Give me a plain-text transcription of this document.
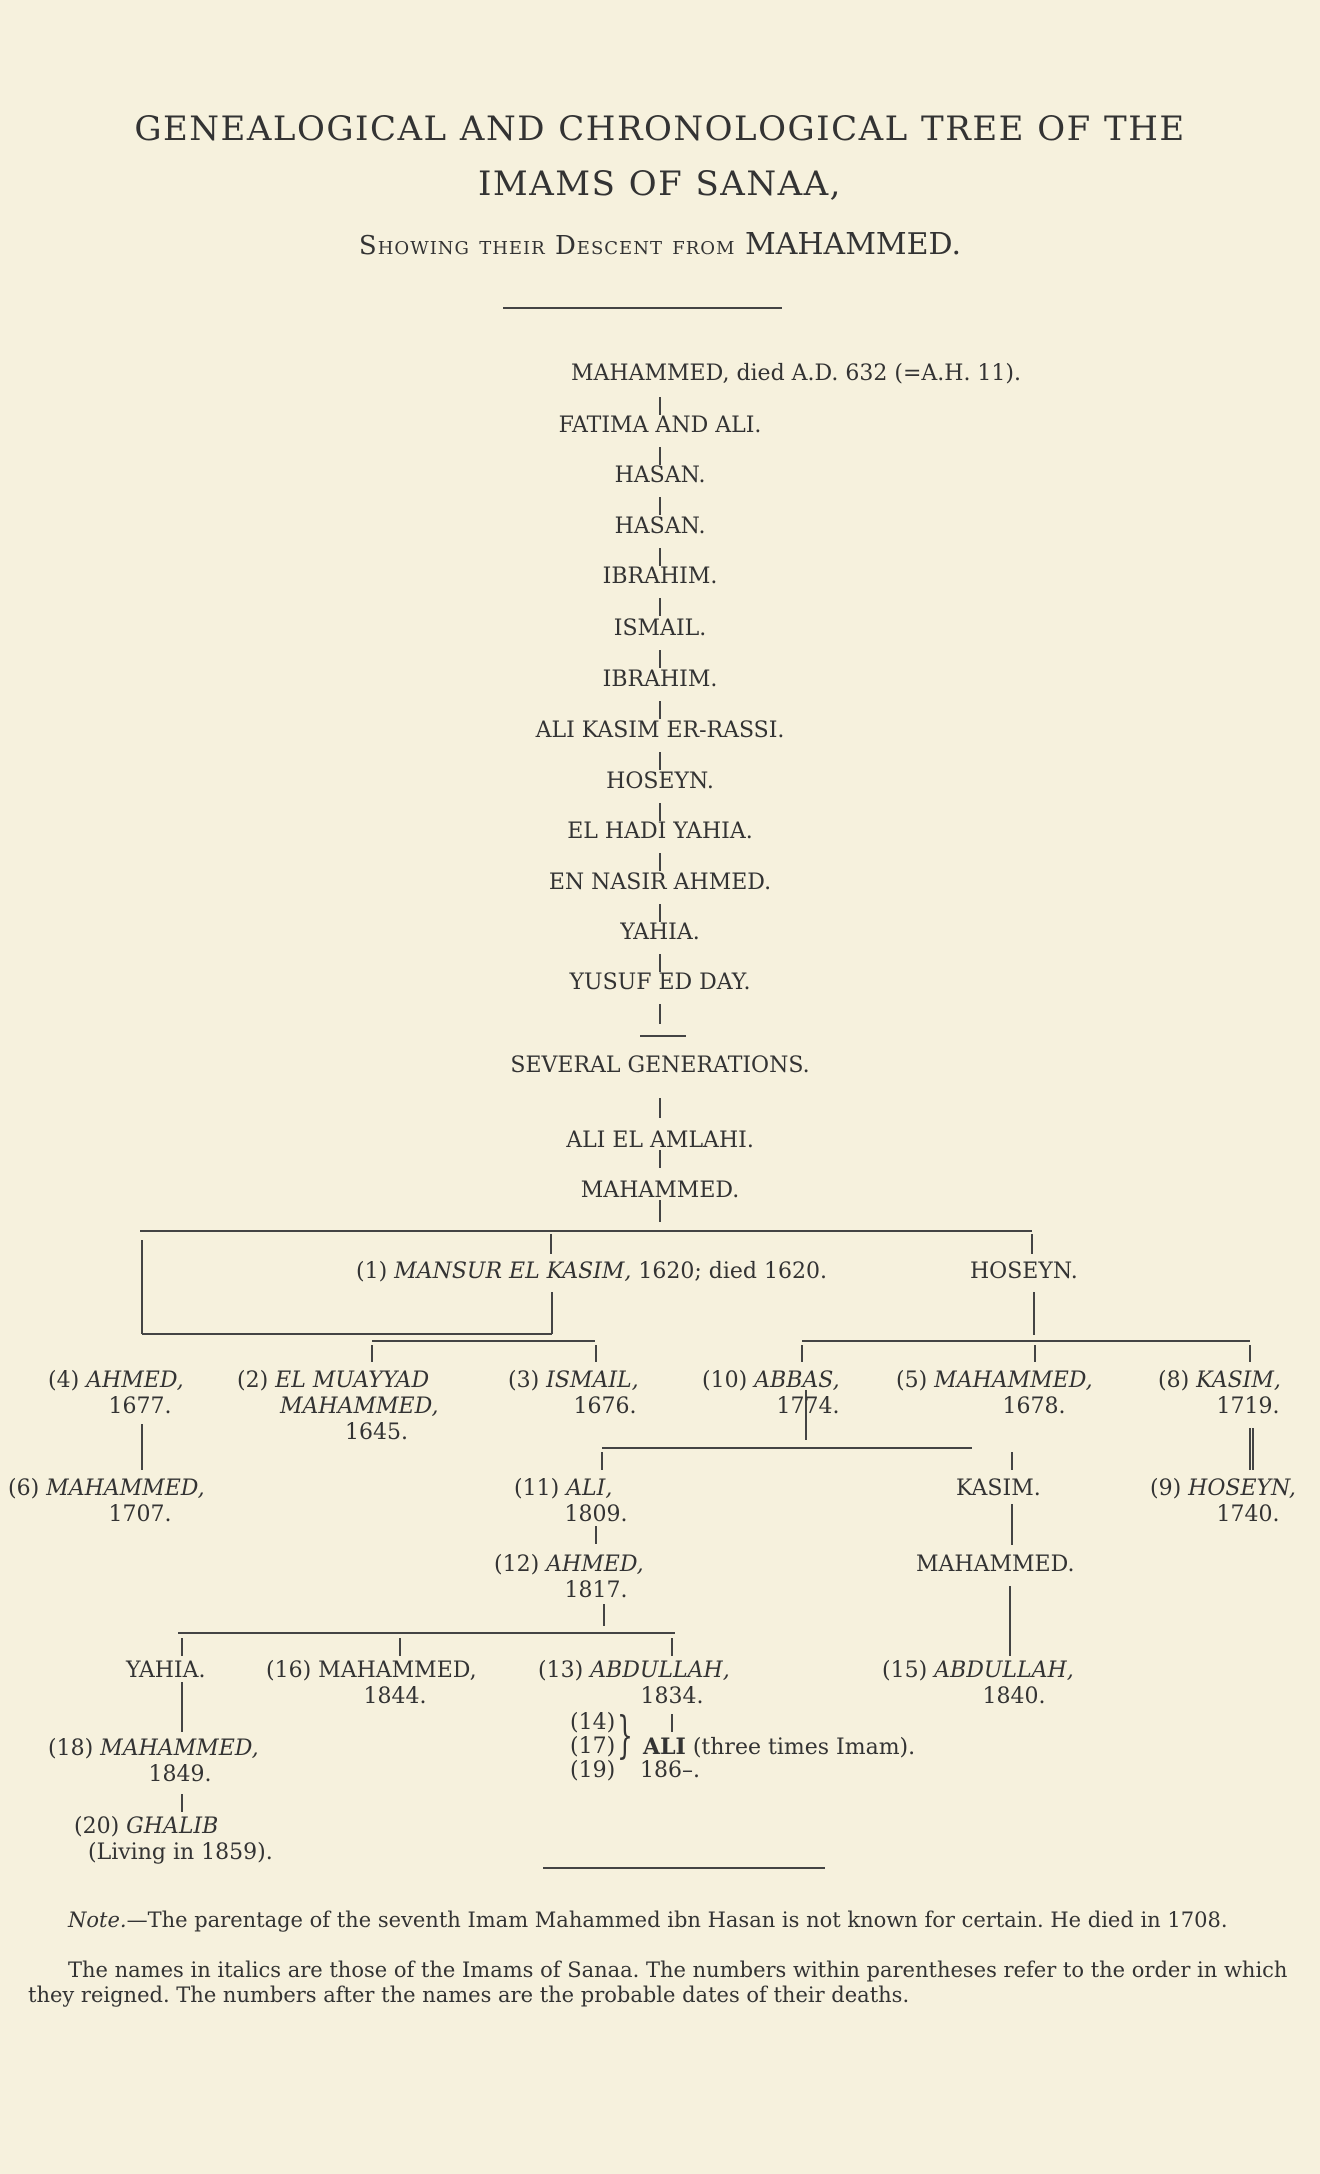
GENEALOGICAL AND CHRONOLOGICAL TREE OF THE
IMAMS OF SANAA,
Showing their Descent from MAHAMMED.
MAHAMMED, died A.D. 632 (=A.H. 11).
FATIMA AND ALI.
HASAN.
HASAN.
IBRAHIM.
ISMAIL.
IBRAHIM.
ALI KASIM ER-RASSI.
HOSEYN.
EL HADI YAHIA.
EN NASIR AHMED.
YAHIA.
YUSUF ED DAY.
SEVERAL GENERATIONS.
ALI EL AMLAHI.
MAHAMMED.
(1) MANSUR EL KASIM, 1620; died 1620.	HOSEYN.
(4) AHMED,
1677.
(2) EL MUAYYAD
MAHAMMED,
1645.
(3) ISMAIL,
1676.
(10) ABBAS,
1774.
(5) MAHAMMED,
1678.
(8) KASIM,
1719.
(6) MAHAMMED,
1707.
(11) ALI,
1809.
KASIM.	(9) HOSEYN,
1740.
(12) AHMED,
1817.
MAHAMMED.
YAHIA.	(16) MAHAMMED,
1844.
(13) ABDULLAH,
1834.
(15) ABDULLAH,
1840.
(14)
(17)
(19)
} ALI (three times Imam).
186–.
(18) MAHAMMED,
1849.
(20) GHALIB
(Living in 1859).
Note.—The parentage of the seventh Imam Mahammed ibn Hasan is not known for certain. He died in 1708.
The names in italics are those of the Imams of Sanaa. The numbers within parentheses refer to the order in which they reigned. The numbers after the names are the probable dates of their deaths.
